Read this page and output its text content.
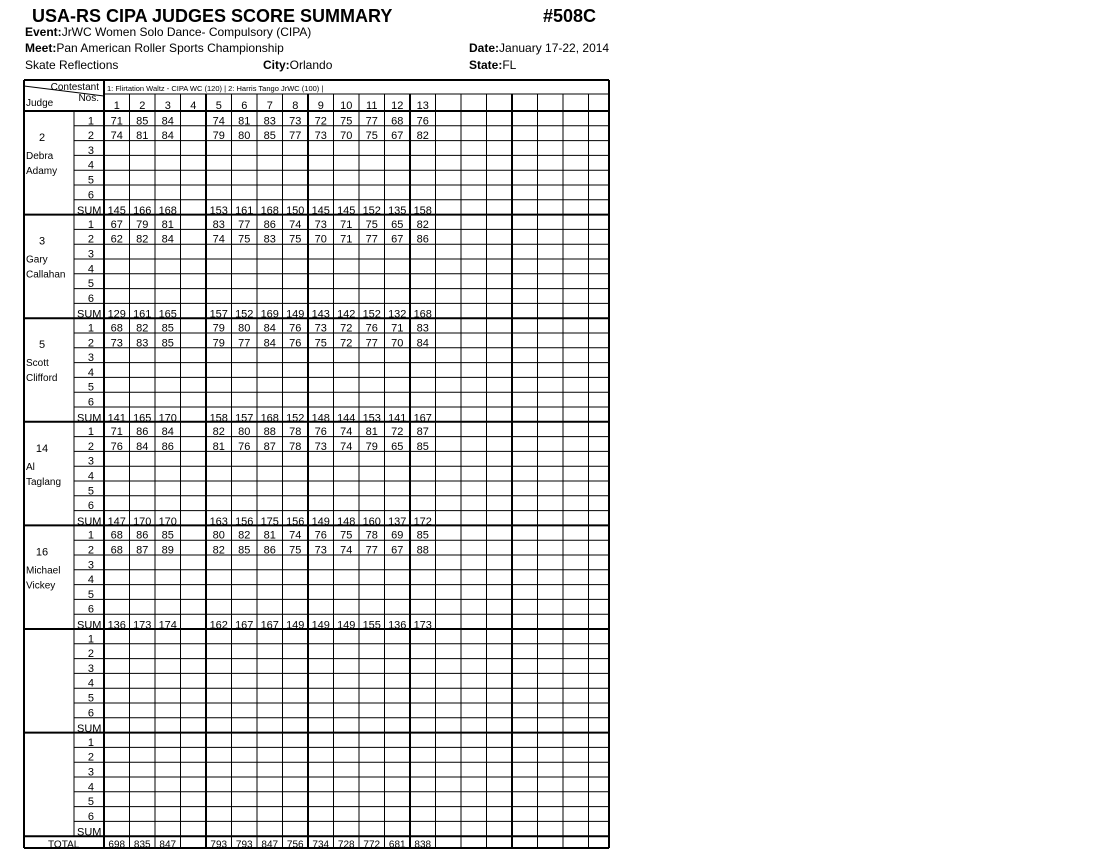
USA-RS CIPA JUDGES SCORE SUMMARY	#508C
Event:JrWC Women Solo Dance- Compulsory (CIPA)
Meet:Pan American Roller Sports Championship	Date:January 17-22, 2014
Skate Reflections	City:Orlando	State:FL
Contestant
Nos.
Judge
1: Flirtation Waltz - CIPA WC (120) | 2: Harris Tango JrWC (100) |
1 2 3 4 5 6 7 8 9 10 11 12 13
2
Debra
Adamy
1 71 85 84	74 81 83 73 72 75 77 68 76
2 74 81 84	79 80 85 77 73 70 75 67 82
3
4
5
6
SUM 145 166 168	153 161 168 150 145 145 152 135 158
3
Gary
Callahan
1 67 79 81	83 77 86 74 73 71 75 65 82
2 62 82 84	74 75 83 75 70 71 77 67 86
3
4
5
6
SUM 129 161 165	157 152 169 149 143 142 152 132 168
5
Scott
Clifford
1 68 82 85	79 80 84 76 73 72 76 71 83
2 73 83 85	79 77 84 76 75 72 77 70 84
3
4
5
6
SUM 141 165 170	158 157 168 152 148 144 153 141 167
14
Al
Taglang
1 71 86 84	82 80 88 78 76 74 81 72 87
2 76 84 86	81 76 87 78 73 74 79 65 85
3
4
5
6
SUM 147 170 170	163 156 175 156 149 148 160 137 172
16
Michael
Vickey
1 68 86 85	80 82 81 74 76 75 78 69 85
2 68 87 89	82 85 86 75 73 74 77 67 88
3
4
5
6
SUM 136 173 174	162 167 167 149 149 149 155 136 173
1
2
3
4
5
6
SUM
1
2
3
4
5
6
SUM
TOTAL	698 835 847	793 793 847 756 734 728 772 681 838
